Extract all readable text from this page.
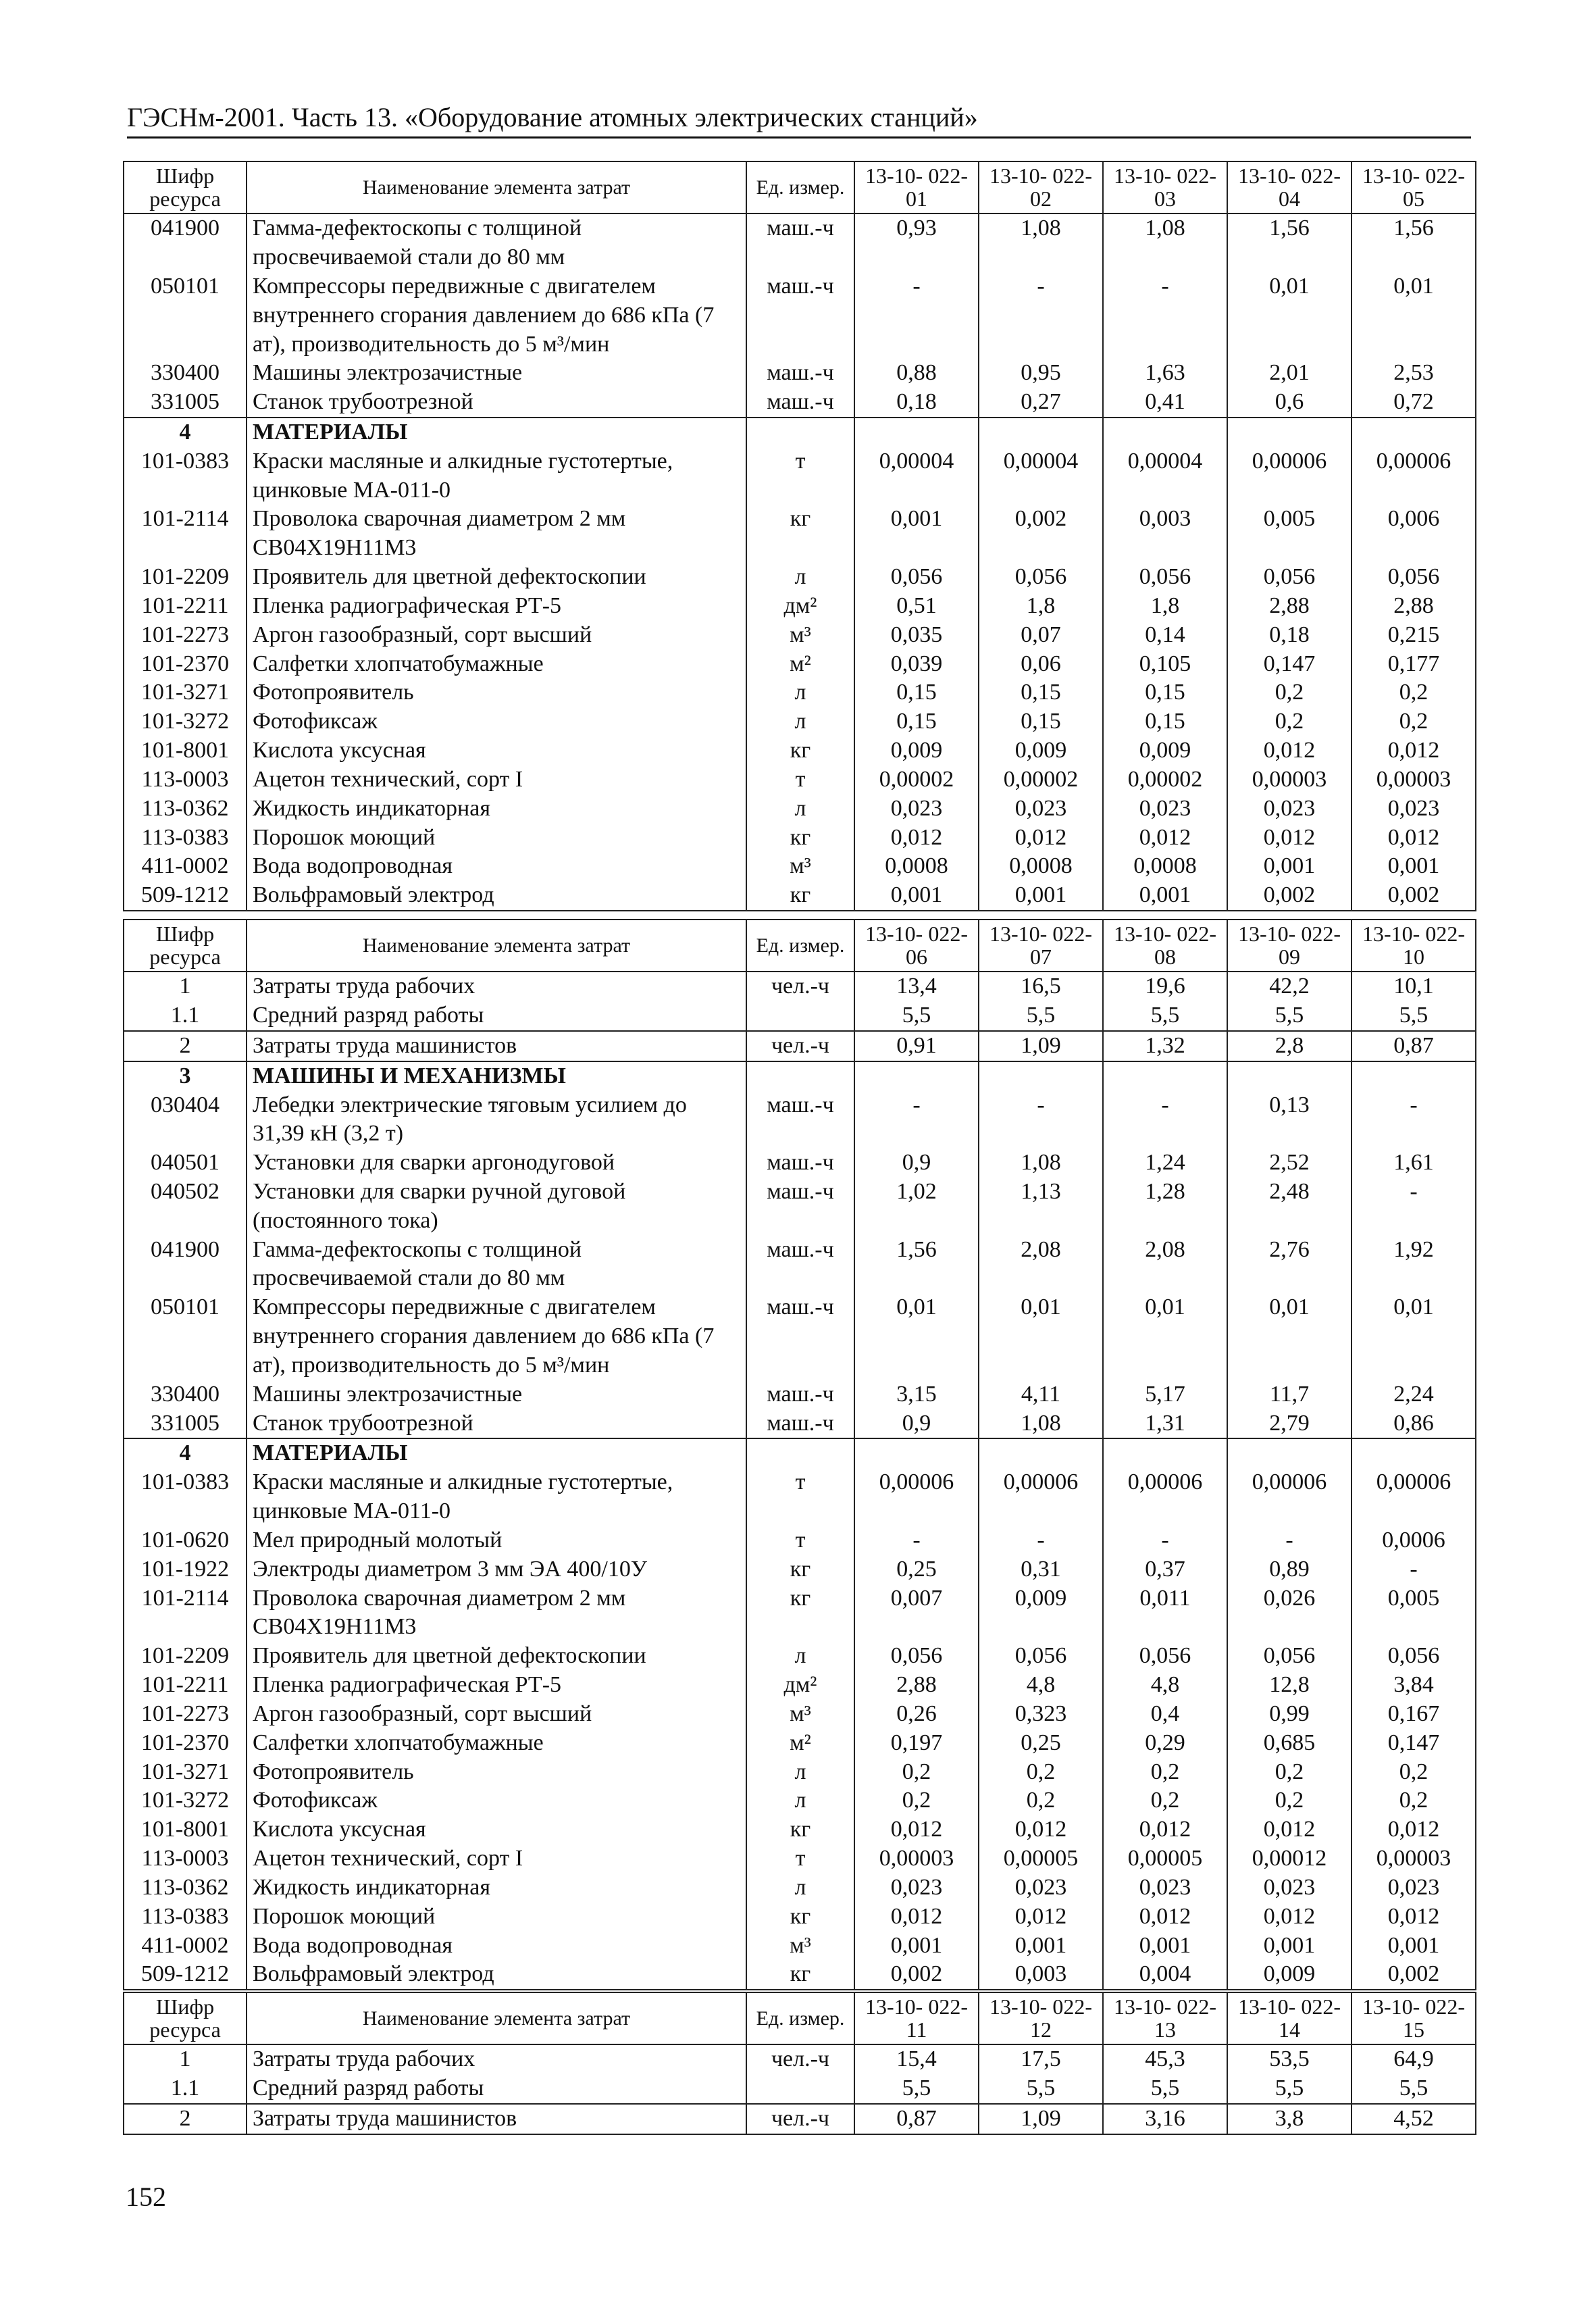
ГЭСНм-2001. Часть 13. «Оборудование атомных электрических станций»
Шифр ресурса	Наименование элемента затрат	Ед. измер.	13-10- 022-01	13-10- 022-02	13-10- 022-03	13-10- 022-04	13-10- 022-05
041900	Гамма-дефектоскопы с толщиной просвечиваемой стали до 80 мм	маш.-ч	0,93	1,08	1,08	1,56	1,56
050101	Компрессоры передвижные с двигателем внутреннего сгорания давлением до 686 кПа (7 ат), производительность до 5 м³/мин	маш.-ч	-	-	-	0,01	0,01
330400	Машины электрозачистные	маш.-ч	0,88	0,95	1,63	2,01	2,53
331005	Станок трубоотрезной	маш.-ч	0,18	0,27	0,41	0,6	0,72
4	МАТЕРИАЛЫ						
101-0383	Краски масляные и алкидные густотертые, цинковые МА-011-0	т	0,00004	0,00004	0,00004	0,00006	0,00006
101-2114	Проволока сварочная диаметром 2 мм СВ04Х19Н11М3	кг	0,001	0,002	0,003	0,005	0,006
101-2209	Проявитель для цветной дефектоскопии	л	0,056	0,056	0,056	0,056	0,056
101-2211	Пленка радиографическая РТ-5	дм²	0,51	1,8	1,8	2,88	2,88
101-2273	Аргон газообразный, сорт высший	м³	0,035	0,07	0,14	0,18	0,215
101-2370	Салфетки хлопчатобумажные	м²	0,039	0,06	0,105	0,147	0,177
101-3271	Фотопроявитель	л	0,15	0,15	0,15	0,2	0,2
101-3272	Фотофиксаж	л	0,15	0,15	0,15	0,2	0,2
101-8001	Кислота уксусная	кг	0,009	0,009	0,009	0,012	0,012
113-0003	Ацетон технический, сорт I	т	0,00002	0,00002	0,00002	0,00003	0,00003
113-0362	Жидкость индикаторная	л	0,023	0,023	0,023	0,023	0,023
113-0383	Порошок моющий	кг	0,012	0,012	0,012	0,012	0,012
411-0002	Вода водопроводная	м³	0,0008	0,0008	0,0008	0,001	0,001
509-1212	Вольфрамовый электрод	кг	0,001	0,001	0,001	0,002	0,002
Шифр ресурса	Наименование элемента затрат	Ед. измер.	13-10- 022-06	13-10- 022-07	13-10- 022-08	13-10- 022-09	13-10- 022-10
1	Затраты труда рабочих	чел.-ч	13,4	16,5	19,6	42,2	10,1
1.1	Средний разряд работы		5,5	5,5	5,5	5,5	5,5
2	Затраты труда машинистов	чел.-ч	0,91	1,09	1,32	2,8	0,87
3	МАШИНЫ И МЕХАНИЗМЫ						
030404	Лебедки электрические тяговым усилием до 31,39 кН (3,2 т)	маш.-ч	-	-	-	0,13	-
040501	Установки для сварки аргонодуговой	маш.-ч	0,9	1,08	1,24	2,52	1,61
040502	Установки для сварки ручной дуговой (постоянного тока)	маш.-ч	1,02	1,13	1,28	2,48	-
041900	Гамма-дефектоскопы с толщиной просвечиваемой стали до 80 мм	маш.-ч	1,56	2,08	2,08	2,76	1,92
050101	Компрессоры передвижные с двигателем внутреннего сгорания давлением до 686 кПа (7 ат), производительность до 5 м³/мин	маш.-ч	0,01	0,01	0,01	0,01	0,01
330400	Машины электрозачистные	маш.-ч	3,15	4,11	5,17	11,7	2,24
331005	Станок трубоотрезной	маш.-ч	0,9	1,08	1,31	2,79	0,86
4	МАТЕРИАЛЫ						
101-0383	Краски масляные и алкидные густотертые, цинковые МА-011-0	т	0,00006	0,00006	0,00006	0,00006	0,00006
101-0620	Мел природный молотый	т	-	-	-	-	0,0006
101-1922	Электроды диаметром 3 мм ЭА 400/10У	кг	0,25	0,31	0,37	0,89	-
101-2114	Проволока сварочная диаметром 2 мм СВ04Х19Н11М3	кг	0,007	0,009	0,011	0,026	0,005
101-2209	Проявитель для цветной дефектоскопии	л	0,056	0,056	0,056	0,056	0,056
101-2211	Пленка радиографическая РТ-5	дм²	2,88	4,8	4,8	12,8	3,84
101-2273	Аргон газообразный, сорт высший	м³	0,26	0,323	0,4	0,99	0,167
101-2370	Салфетки хлопчатобумажные	м²	0,197	0,25	0,29	0,685	0,147
101-3271	Фотопроявитель	л	0,2	0,2	0,2	0,2	0,2
101-3272	Фотофиксаж	л	0,2	0,2	0,2	0,2	0,2
101-8001	Кислота уксусная	кг	0,012	0,012	0,012	0,012	0,012
113-0003	Ацетон технический, сорт I	т	0,00003	0,00005	0,00005	0,00012	0,00003
113-0362	Жидкость индикаторная	л	0,023	0,023	0,023	0,023	0,023
113-0383	Порошок моющий	кг	0,012	0,012	0,012	0,012	0,012
411-0002	Вода водопроводная	м³	0,001	0,001	0,001	0,001	0,001
509-1212	Вольфрамовый электрод	кг	0,002	0,003	0,004	0,009	0,002
Шифр ресурса	Наименование элемента затрат	Ед. измер.	13-10- 022-11	13-10- 022-12	13-10- 022-13	13-10- 022-14	13-10- 022-15
1	Затраты труда рабочих	чел.-ч	15,4	17,5	45,3	53,5	64,9
1.1	Средний разряд работы		5,5	5,5	5,5	5,5	5,5
2	Затраты труда машинистов	чел.-ч	0,87	1,09	3,16	3,8	4,52
152
